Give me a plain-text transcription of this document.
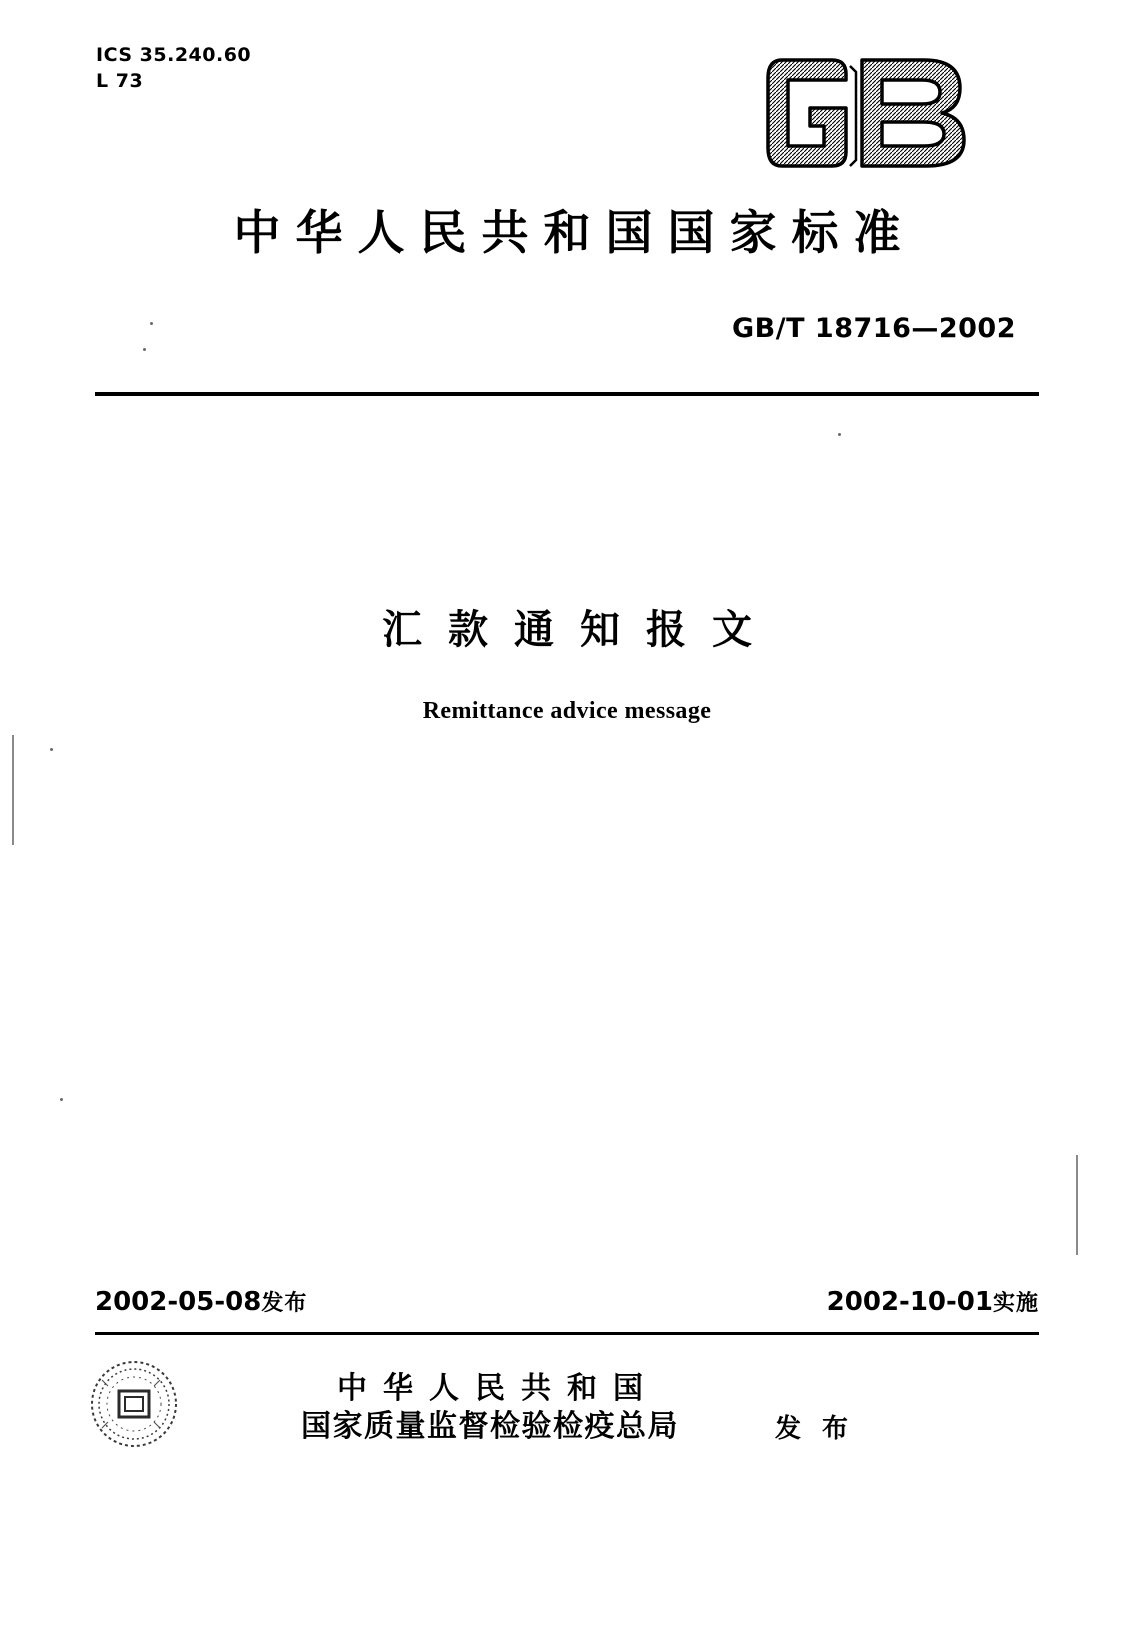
ICS 35.240.60
L 73
中华人民共和国国家标准
GB/T 18716—2002
汇款通知报文
Remittance advice message
2002-05-08发布	2002-10-01实施
中华人民共和国
国家质量监督检验检疫总局	发 布
